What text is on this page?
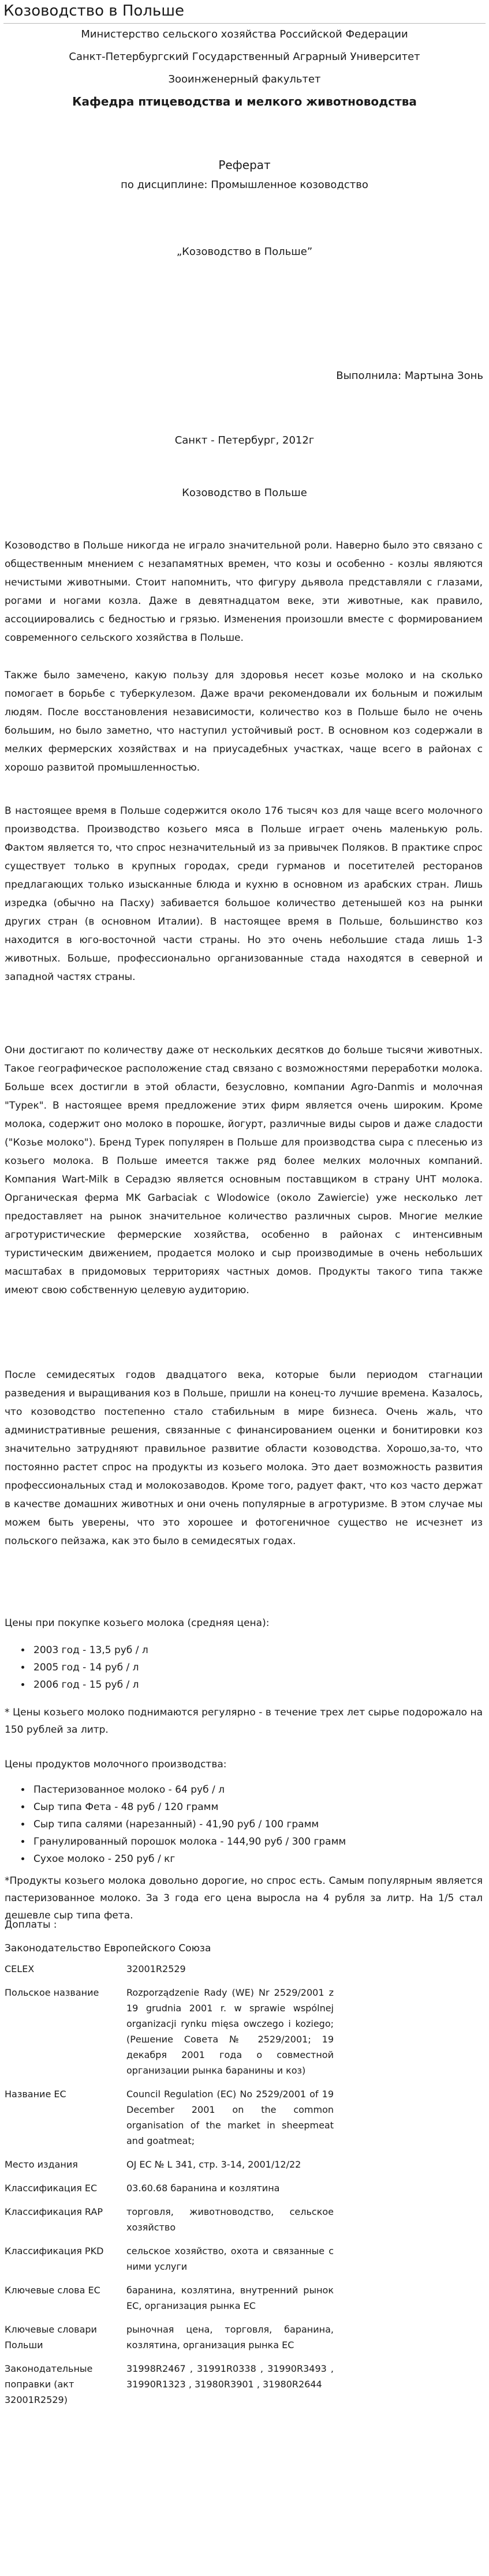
Козоводство в Польше
Министерство сельского хозяйства Российской Федерации
Санкт-Петербургский Государственный Аграрный Университет
Зооинженерный факультет
Кафедра птицеводства и мелкого животноводства
Реферат
по дисциплине: Промышленное козоводство
„Козоводство в Польше”
Выполнила: Мартына Зонь
Санкт - Петербург, 2012г
Козоводство в Польше

Козоводство в Польше никогда не играло значительной роли. Наверно было это связано с общественным мнением с незапамятных времен, что козы и особенно - козлы являются нечистыми животными. Стоит напомнить, что фигуру дьявола представляли с глазами, рогами и ногами козла. Даже в девятнадцатом веке, эти животные, как правило, ассоциировались с бедностью и грязью. Изменения произошли вместе с формированием современного сельского хозяйства в Польше.

Также было замечено, какую пользу для здоровья несет козье молоко и на сколько помогает в борьбе с туберкулезом. Даже врачи рекомендовали их больным и пожилым людям. После восстановления независимости, количество коз в Польше было не очень большим, но было заметно, что наступил устойчивый рост. В основном коз содержали в мелких фермерских хозяйствах и на приусадебных участках, чаще всего в районах с хорошо развитой промышленностью.

В настоящее время в Польше содержится около 176 тысяч коз для чаще всего молочного производства. Производство козьего мяса в Польше играет очень маленькую роль. Фактом является то, что спрос незначительный из за привычек Поляков. В практике спрос существует только в крупных городах, среди гурманов и посетителей ресторанов предлагающих только изысканные блюда и кухню в основном из арабских стран. Лишь изредка (обычно на Пасху) забивается большое количество детенышей коз на рынки других стран (в основном Италии). В настоящее время в Польше, большинство коз находится в юго-восточной части страны. Но это очень небольшие стада лишь 1-3 животных. Больше, профессионально организованные стада находятся в северной и западной частях страны.

Они достигают по количеству даже от нескольких десятков до больше тысячи животных. Такое географическое расположение стад связано с возможностями переработки молока. Больше всех достигли в этой области, безусловно, компании Agro-Danmis и молочная "Турек". В настоящее время предложение этих фирм является очень широким. Кроме молока, содержит оно молоко в порошке, йогурт, различные виды сыров и даже сладости ("Козье молоко"). Бренд Турек популярен в Польше для производства сыра с плесенью из козьего молока. В Польше имеется также ряд более мелких молочных компаний. Компания Wart-Milk в Серадзю является основным поставщиком в страну UHT молока. Органическая ферма MK Garbaciak с Wlodowice (около Zawiercie) уже несколько лет предоставляет на рынок значительное количество различных сыров. Многие мелкие агротуристические фермерские хозяйства, особенно в районах с интенсивным туристическим движением, продается молоко и сыр производимые в очень небольших масштабах в придомовых территориях частных домов. Продукты такого типа также имеют свою собственную целевую аудиторию.

После семидесятых годов двадцатого века, которые были периодом стагнации разведения и выращивания коз в Польше, пришли на конец-то лучшие времена. Казалось, что козоводство постепенно стало стабильным в мире бизнеса. Очень жаль, что административные решения, связанные с финансированием оценки и бонитировки коз значительно затрудняют правильное развитие области козоводства. Хорошо,за-то, что постоянно растет спрос на продукты из козьего молока. Это дает возможность развития профессиональных стад и молокозаводов. Кроме того, радует факт, что коз часто держат в качестве домашних животных и они очень популярные в агротуризме. В этом случае мы можем быть уверены, что это хорошее и фотогеничное существо не исчезнет из польского пейзажа, как это было в семидесятых годах.

Цены при покупке козьего молока (средняя цена):
• 2003 год - 13,5 руб / л
• 2005 год - 14 руб / л
• 2006 год - 15 руб / л

* Цены козьего молоко поднимаются регулярно - в течение трех лет сырье подорожало на 150 рублей за литр.

Цены продуктов молочного производства:
• Пастеризованное молоко - 64 руб / л
• Сыр типа Фета - 48 руб / 120 грамм
• Сыр типа салями (нарезанный) - 41,90 руб / 100 грамм
• Гранулированный порошок молока - 144,90 руб / 300 грамм
• Сухое молоко - 250 руб / кг

*Продукты козьего молока довольно дорогие, но спрос есть. Самым популярным является пастеризованное молоко. За 3 года его цена выросла на 4 рубля за литр. На 1/5 стал дешевле сыр типа фета.

Доплаты :
Законодательство Европейского Союза
CELEX	32001R2529
Польское название	Rozporządzenie Rady (WE) Nr 2529/2001 z 19 grudnia 2001 r. w sprawie wspólnej organizacji rynku mięsa owczego i koziego; (Решение Совета № 2529/2001; 19 декабря 2001 года о совместной организации рынка баранины и коз)
Название ЕС	Council Regulation (EC) No 2529/2001 of 19 December 2001 on the common organisation of the market in sheepmeat and goatmeat;
Место издания	OJ EC № L 341, стр. 3-14, 2001/12/22
Классификация ЕС	03.60.68 баранина и козлятина
Классификация RAP	торговля, животноводство, сельское хозяйство
Классификация PKD	сельское хозяйство, охота и связанные с ними услуги
Ключевые слова ЕС	баранина, козлятина, внутренний рынок ЕС, организация рынка ЕС
Ключевые словари Польши	рыночная цена, торговля, баранина, козлятина, организация рынка ЕС
Законодательные поправки (акт 32001R2529)	31998R2467 , 31991R0338 , 31990R3493 , 31990R1323 , 31980R3901 , 31980R2644
